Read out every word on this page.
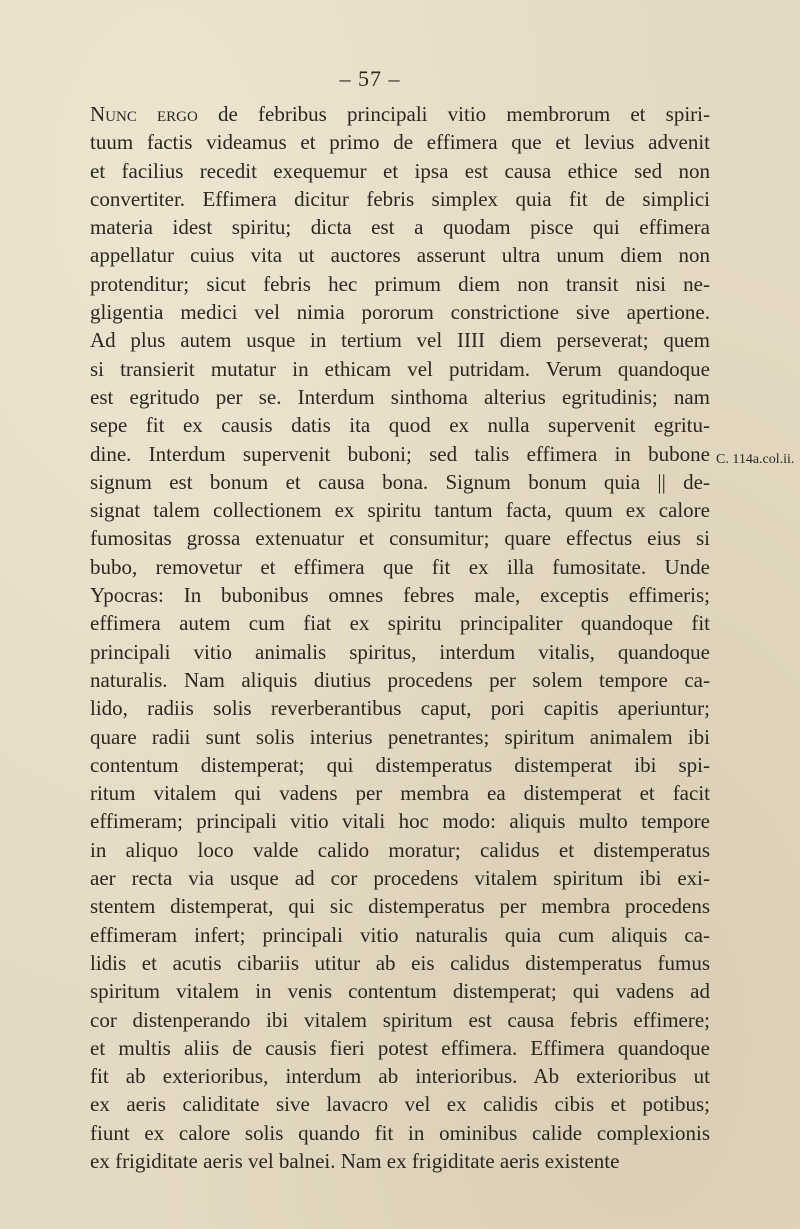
– 57 –
C. 114a.col.ii.
Nunc ergo de febribus principali vitio membrorum et spiri-
tuum factis videamus et primo de effimera que et levius advenit
et facilius recedit exequemur et ipsa est causa ethice sed non
convertiter. Effimera dicitur febris simplex quia fit de simplici
materia idest spiritu; dicta est a quodam pisce qui effimera
appellatur cuius vita ut auctores asserunt ultra unum diem non
protenditur; sicut febris hec primum diem non transit nisi ne-
gligentia medici vel nimia pororum constrictione sive apertione.
Ad plus autem usque in tertium vel IIII diem perseverat; quem
si transierit mutatur in ethicam vel putridam. Verum quandoque
est egritudo per se. Interdum sinthoma alterius egritudinis; nam
sepe fit ex causis datis ita quod ex nulla supervenit egritu-
dine. Interdum supervenit buboni; sed talis effimera in bubone
signum est bonum et causa bona. Signum bonum quia || de-
signat talem collectionem ex spiritu tantum facta, quum ex calore
fumositas grossa extenuatur et consumitur; quare effectus eius si
bubo, removetur et effimera que fit ex illa fumositate. Unde
Ypocras: In bubonibus omnes febres male, exceptis effimeris;
effimera autem cum fiat ex spiritu principaliter quandoque fit
principali vitio animalis spiritus, interdum vitalis, quandoque
naturalis. Nam aliquis diutius procedens per solem tempore ca-
lido, radiis solis reverberantibus caput, pori capitis aperiuntur;
quare radii sunt solis interius penetrantes; spiritum animalem ibi
contentum distemperat; qui distemperatus distemperat ibi spi-
ritum vitalem qui vadens per membra ea distemperat et facit
effimeram; principali vitio vitali hoc modo: aliquis multo tempore
in aliquo loco valde calido moratur; calidus et distemperatus
aer recta via usque ad cor procedens vitalem spiritum ibi exi-
stentem distemperat, qui sic distemperatus per membra procedens
effimeram infert; principali vitio naturalis quia cum aliquis ca-
lidis et acutis cibariis utitur ab eis calidus distemperatus fumus
spiritum vitalem in venis contentum distemperat; qui vadens ad
cor distenperando ibi vitalem spiritum est causa febris effimere;
et multis aliis de causis fieri potest effimera. Effimera quandoque
fit ab exterioribus, interdum ab interioribus. Ab exterioribus ut
ex aeris caliditate sive lavacro vel ex calidis cibis et potibus;
fiunt ex calore solis quando fit in ominibus calide complexionis
ex frigiditate aeris vel balnei. Nam ex frigiditate aeris existente
